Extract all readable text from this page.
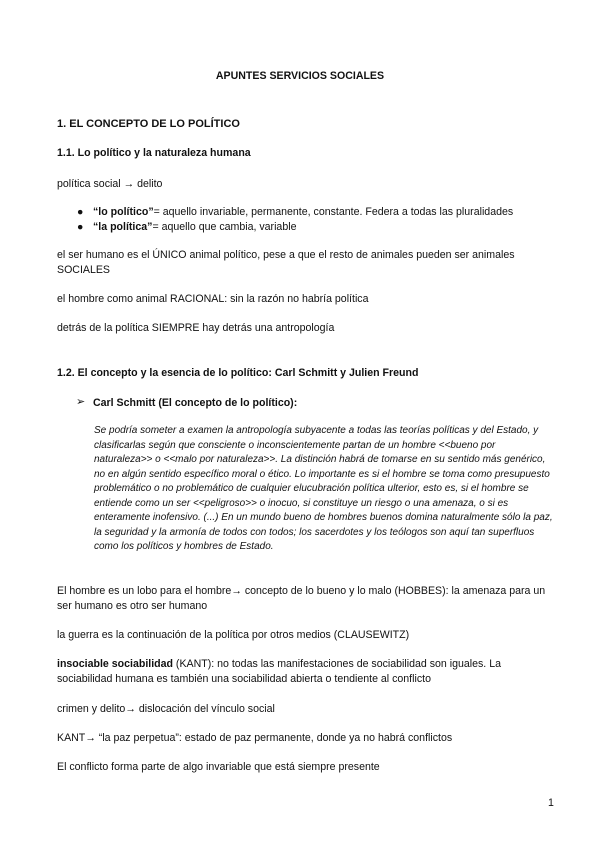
APUNTES SERVICIOS SOCIALES
1. EL CONCEPTO DE LO POLÍTICO
1.1. Lo político y la naturaleza humana
política social → delito
● “lo político”= aquello invariable, permanente, constante. Federa a todas las pluralidades
● “la política”= aquello que cambia, variable
el ser humano es el ÚNICO animal político, pese a que el resto de animales pueden ser animales SOCIALES
el hombre como animal RACIONAL: sin la razón no habría política
detrás de la política SIEMPRE hay detrás una antropología
1.2. El concepto y la esencia de lo político: Carl Schmitt y Julien Freund
➢ Carl Schmitt (El concepto de lo político):
Se podría someter a examen la antropología subyacente a todas las teorías políticas y del Estado, y clasificarlas según que consciente o inconscientemente partan de un hombre <<bueno por naturaleza>> o <<malo por naturaleza>>. La distinción habrá de tomarse en su sentido más genérico, no en algún sentido específico moral o ético. Lo importante es si el hombre se toma como presupuesto problemático o no problemático de cualquier elucubración política ulterior, esto es, si el hombre se entiende como un ser <<peligroso>> o inocuo, si constituye un riesgo o una amenaza, o si es enteramente inofensivo. (...) En un mundo bueno de hombres buenos domina naturalmente sólo la paz, la seguridad y la armonía de todos con todos; los sacerdotes y los teólogos son aquí tan superfluos como los políticos y hombres de Estado.
El hombre es un lobo para el hombre→ concepto de lo bueno y lo malo (HOBBES): la amenaza para un ser humano es otro ser humano
la guerra es la continuación de la política por otros medios (CLAUSEWITZ)
insociable sociabilidad (KANT): no todas las manifestaciones de sociabilidad son iguales. La sociabilidad humana es también una sociabilidad abierta o tendiente al conflicto
crimen y delito→ dislocación del vínculo social
KANT→ “la paz perpetua”: estado de paz permanente, donde ya no habrá conflictos
El conflicto forma parte de algo invariable que está siempre presente
1
